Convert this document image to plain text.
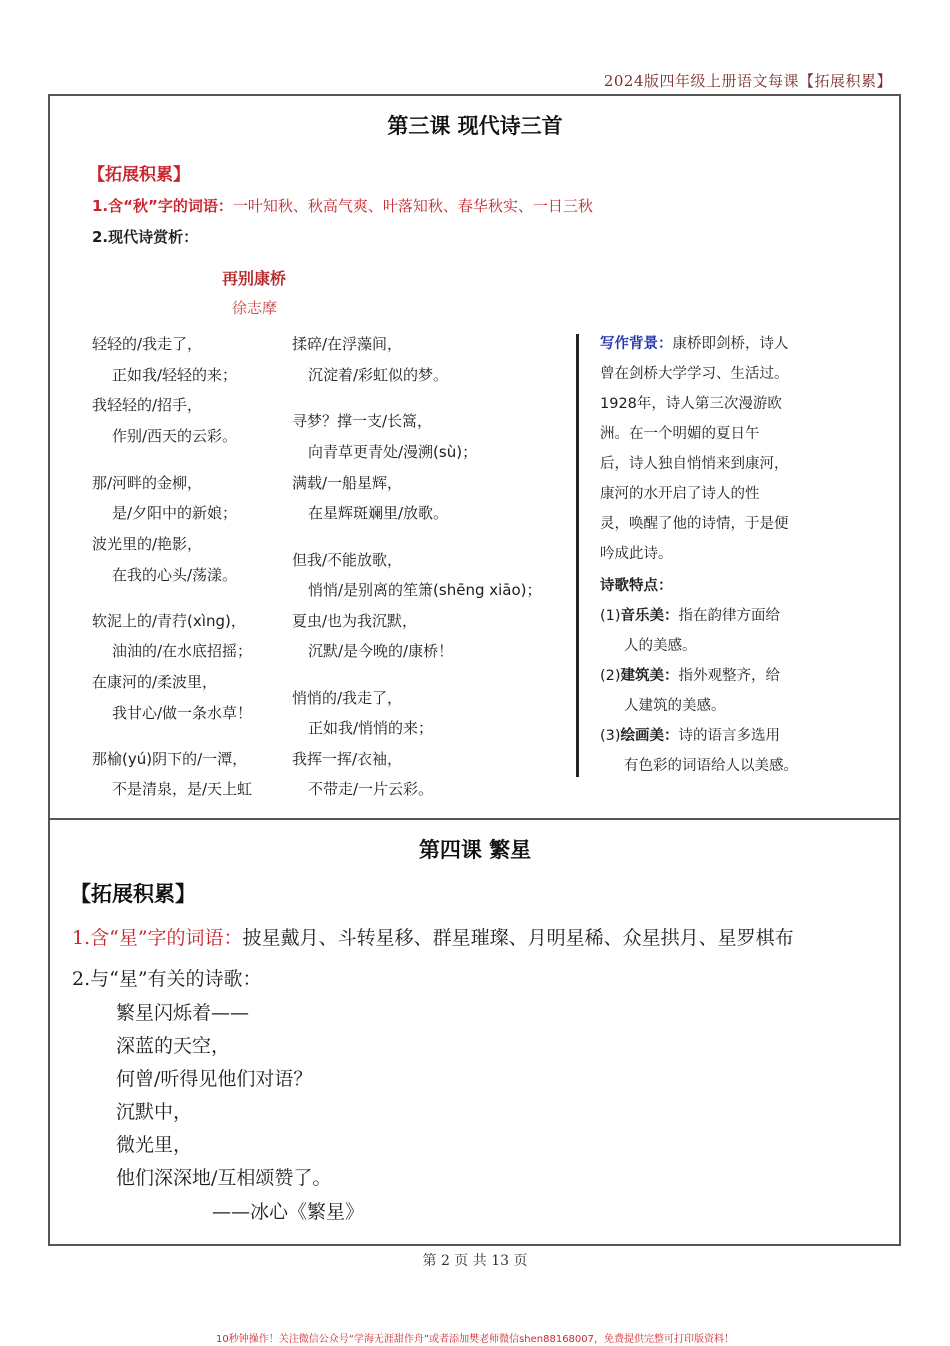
2024版四年级上册语文每课【拓展积累】
第三课 现代诗三首
【拓展积累】
1.含“秋”字的词语：一叶知秋、秋高气爽、叶落知秋、春华秋实、一日三秋
2.现代诗赏析：
再别康桥
徐志摩
轻轻的/我走了，
正如我/轻轻的来；
我轻轻的/招手，
作别/西天的云彩。
那/河畔的金柳，
是/夕阳中的新娘；
波光里的/艳影，
在我的心头/荡漾。
软泥上的/青荇(xìng)，
油油的/在水底招摇；
在康河的/柔波里，
我甘心/做一条水草！
那榆(yú)阴下的/一潭，
不是清泉，是/天上虹
揉碎/在浮藻间，
沉淀着/彩虹似的梦。
寻梦？撑一支/长篙，
向青草更青处/漫溯(sù)；
满载/一船星辉，
在星辉斑斓里/放歌。
但我/不能放歌，
悄悄/是别离的笙箫(shēng xiāo)；
夏虫/也为我沉默，
沉默/是今晚的/康桥！
悄悄的/我走了，
正如我/悄悄的来；
我挥一挥/衣袖，
不带走/一片云彩。
写作背景：康桥即剑桥，诗人
曾在剑桥大学学习、生活过。
1928年，诗人第三次漫游欧
洲。在一个明媚的夏日午
后，诗人独自悄悄来到康河，
康河的水开启了诗人的性
灵，唤醒了他的诗情，于是便
吟成此诗。
诗歌特点：
(1)音乐美：指在韵律方面给
人的美感。
(2)建筑美：指外观整齐，给
人建筑的美感。
(3)绘画美：诗的语言多选用
有色彩的词语给人以美感。
第四课 繁星
【拓展积累】
1.含“星”字的词语：披星戴月、斗转星移、群星璀璨、月明星稀、众星拱月、星罗棋布
2.与“星”有关的诗歌：
繁星闪烁着——
深蓝的天空，
何曾/听得见他们对语？
沉默中，
微光里，
他们深深地/互相颂赞了。
——冰心《繁星》
第 2 页 共 13 页
10秒钟操作！关注微信公众号“学海无涯甜作舟”或者添加樊老师微信shen88168007，免费提供完整可打印版资料！
